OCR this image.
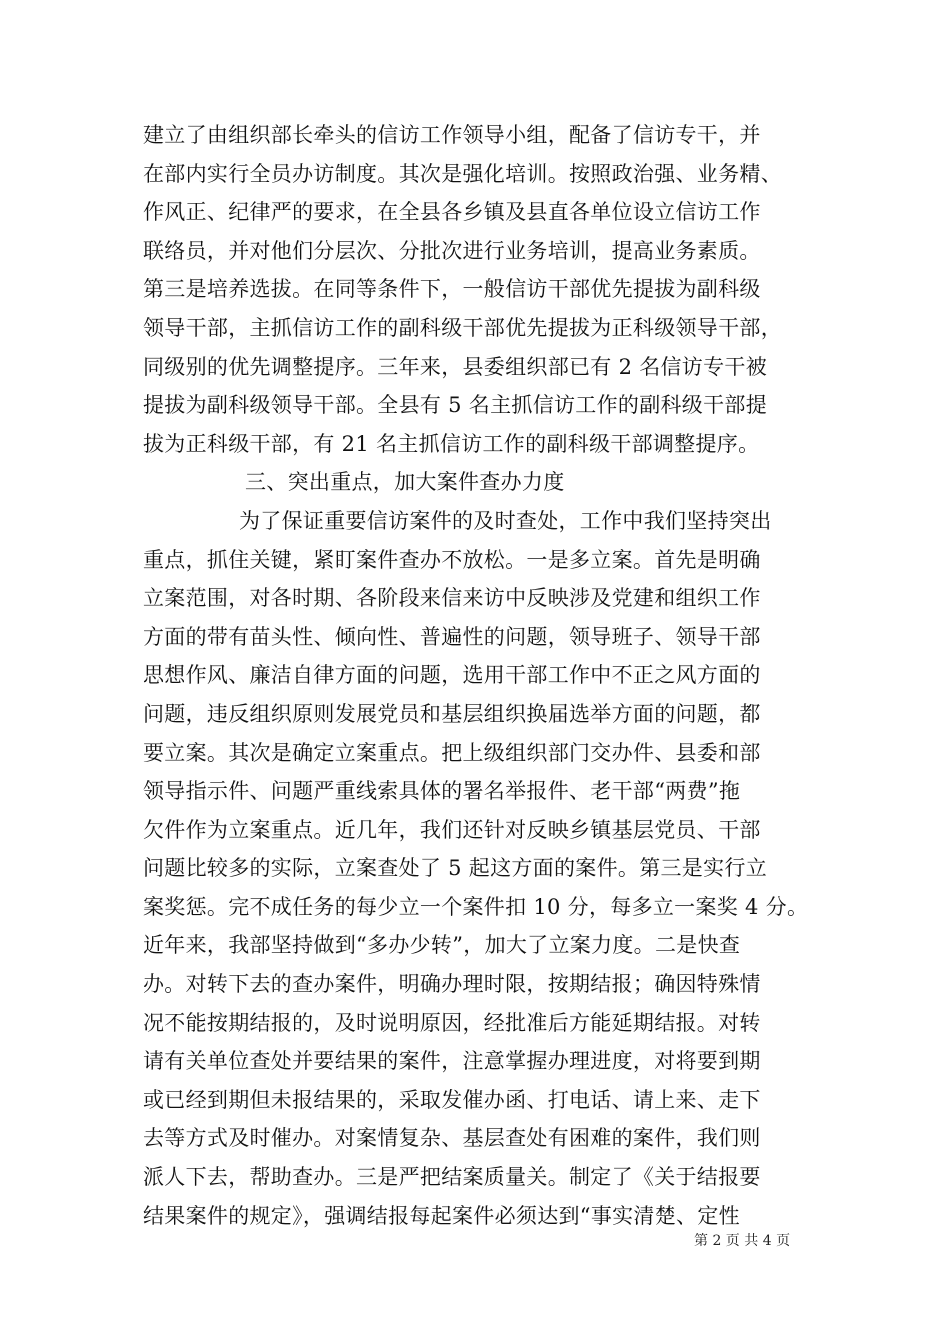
建立了由组织部长牵头的信访工作领导小组，配备了信访专干，并
在部内实行全员办访制度。其次是强化培训。按照政治强、业务精、
作风正、纪律严的要求，在全县各乡镇及县直各单位设立信访工作
联络员，并对他们分层次、分批次进行业务培训，提高业务素质。
第三是培养选拔。在同等条件下，一般信访干部优先提拔为副科级
领导干部，主抓信访工作的副科级干部优先提拔为正科级领导干部，
同级别的优先调整提序。三年来，县委组织部已有 2 名信访专干被
提拔为副科级领导干部。全县有 5 名主抓信访工作的副科级干部提
拔为正科级干部，有 21 名主抓信访工作的副科级干部调整提序。
三、突出重点，加大案件查办力度
为了保证重要信访案件的及时查处，工作中我们坚持突出
重点，抓住关键，紧盯案件查办不放松。一是多立案。首先是明确
立案范围，对各时期、各阶段来信来访中反映涉及党建和组织工作
方面的带有苗头性、倾向性、普遍性的问题，领导班子、领导干部
思想作风、廉洁自律方面的问题，选用干部工作中不正之风方面的
问题，违反组织原则发展党员和基层组织换届选举方面的问题，都
要立案。其次是确定立案重点。把上级组织部门交办件、县委和部
领导指示件、问题严重线索具体的署名举报件、老干部“两费”拖
欠件作为立案重点。近几年，我们还针对反映乡镇基层党员、干部
问题比较多的实际，立案查处了 5 起这方面的案件。第三是实行立
案奖惩。完不成任务的每少立一个案件扣 10 分，每多立一案奖 4 分。
近年来，我部坚持做到“多办少转”，加大了立案力度。二是快查
办。对转下去的查办案件，明确办理时限，按期结报；确因特殊情
况不能按期结报的，及时说明原因，经批准后方能延期结报。对转
请有关单位查处并要结果的案件，注意掌握办理进度，对将要到期
或已经到期但未报结果的，采取发催办函、打电话、请上来、走下
去等方式及时催办。对案情复杂、基层查处有困难的案件，我们则
派人下去，帮助查办。三是严把结案质量关。制定了《关于结报要
结果案件的规定》，强调结报每起案件必须达到“事实清楚、定性
第 2 页 共 4 页
